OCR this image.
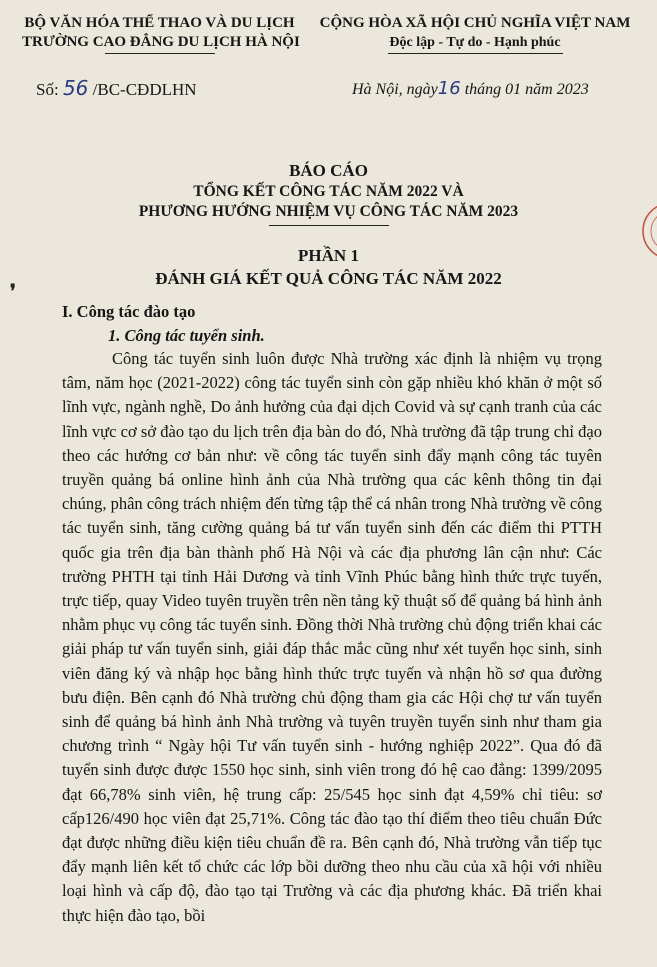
BỘ VĂN HÓA THỂ THAO VÀ DU LỊCH
TRƯỜNG CAO ĐẲNG DU LỊCH HÀ NỘI
CỘNG HÒA XÃ HỘI CHỦ NGHĨA VIỆT NAM
Độc lập - Tự do - Hạnh phúc
Số: 56 /BC-CĐDLHN	Hà Nội, ngày16 tháng 01 năm 2023
BÁO CÁO
TỔNG KẾT CÔNG TÁC NĂM 2022 VÀ
PHƯƠNG HƯỚNG NHIỆM VỤ CÔNG TÁC NĂM 2023
❜
PHẦN 1
ĐÁNH GIÁ KẾT QUẢ CÔNG TÁC NĂM 2022
I. Công tác đào tạo
1. Công tác tuyển sinh.
Công tác tuyển sinh luôn được Nhà trường xác định là nhiệm vụ trọng tâm, năm học (2021-2022) công tác tuyển sinh còn gặp nhiều khó khăn ở một số lĩnh vực, ngành nghề, Do ảnh hưởng của đại dịch Covid và sự cạnh tranh của các lĩnh vực cơ sở đào tạo du lịch trên địa bàn do đó, Nhà trường đã tập trung chỉ đạo theo các hướng cơ bản như: về công tác tuyển sinh đẩy mạnh công tác tuyên truyền quảng bá online hình ảnh của Nhà trường qua các kênh thông tin đại chúng, phân công trách nhiệm đến từng tập thể cá nhân trong Nhà trường về công tác tuyển sinh, tăng cường quảng bá tư vấn tuyển sinh đến các điểm thi PTTH quốc gia trên địa bàn thành phố Hà Nội và các địa phương lân cận như: Các trường PHTH tại tỉnh Hải Dương và tỉnh Vĩnh Phúc bằng hình thức trực tuyến, trực tiếp, quay Video tuyên truyền trên nền tảng kỹ thuật số để quảng bá hình ảnh nhằm phục vụ công tác tuyển sinh. Đồng thời Nhà trường chủ động triển khai các giải pháp tư vấn tuyển sinh, giải đáp thắc mắc cũng như xét tuyển học sinh, sinh viên đăng ký và nhập học bằng hình thức trực tuyến và nhận hồ sơ qua đường bưu điện. Bên cạnh đó Nhà trường chủ động tham gia các Hội chợ tư vấn tuyển sinh để quảng bá hình ảnh Nhà trường và tuyên truyền tuyển sinh như tham gia chương trình “ Ngày hội Tư vấn tuyển sinh - hướng nghiệp 2022”. Qua đó đã tuyển sinh được được 1550 học sinh, sinh viên trong đó hệ cao đẳng: 1399/2095 đạt 66,78% sinh viên, hệ trung cấp: 25/545 học sinh đạt 4,59% chỉ tiêu: sơ cấp126/490 học viên đạt 25,71%. Công tác đào tạo thí điểm theo tiêu chuẩn Đức đạt được những điều kiện tiêu chuẩn đề ra. Bên cạnh đó, Nhà trường vẫn tiếp tục đẩy mạnh liên kết tổ chức các lớp bồi dưỡng theo nhu cầu của xã hội với nhiều loại hình và cấp độ, đào tạo tại Trường và các địa phương khác. Đã triển khai thực hiện đào tạo, bồi
